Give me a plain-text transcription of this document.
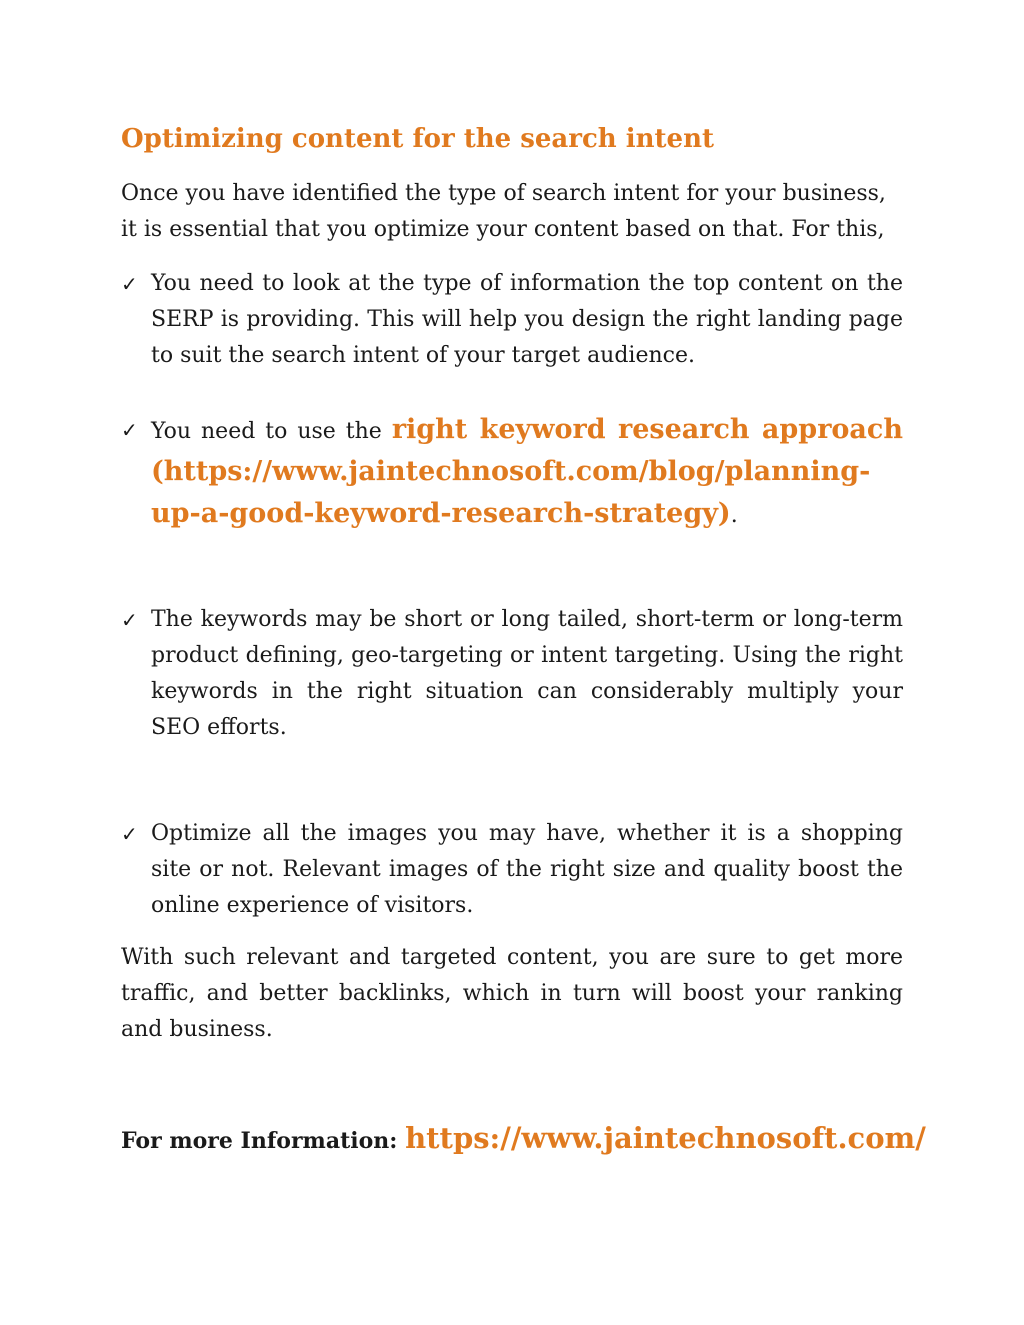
Optimizing content for the search intent

Once you have identified the type of search intent for your business, it is essential that you optimize your content based on that. For this,

✓ You need to look at the type of information the top content on the SERP is providing. This will help you design the right landing page to suit the search intent of your target audience.
✓ You need to use the right keyword research approach (https://www.jaintechnosoft.com/blog/planning-up-a-good-keyword-research-strategy).
✓ The keywords may be short or long tailed, short-term or long-term product defining, geo-targeting or intent targeting. Using the right keywords in the right situation can considerably multiply your SEO efforts.
✓ Optimize all the images you may have, whether it is a shopping site or not. Relevant images of the right size and quality boost the online experience of visitors.

With such relevant and targeted content, you are sure to get more traffic, and better backlinks, which in turn will boost your ranking and business.

For more Information: https://www.jaintechnosoft.com/
